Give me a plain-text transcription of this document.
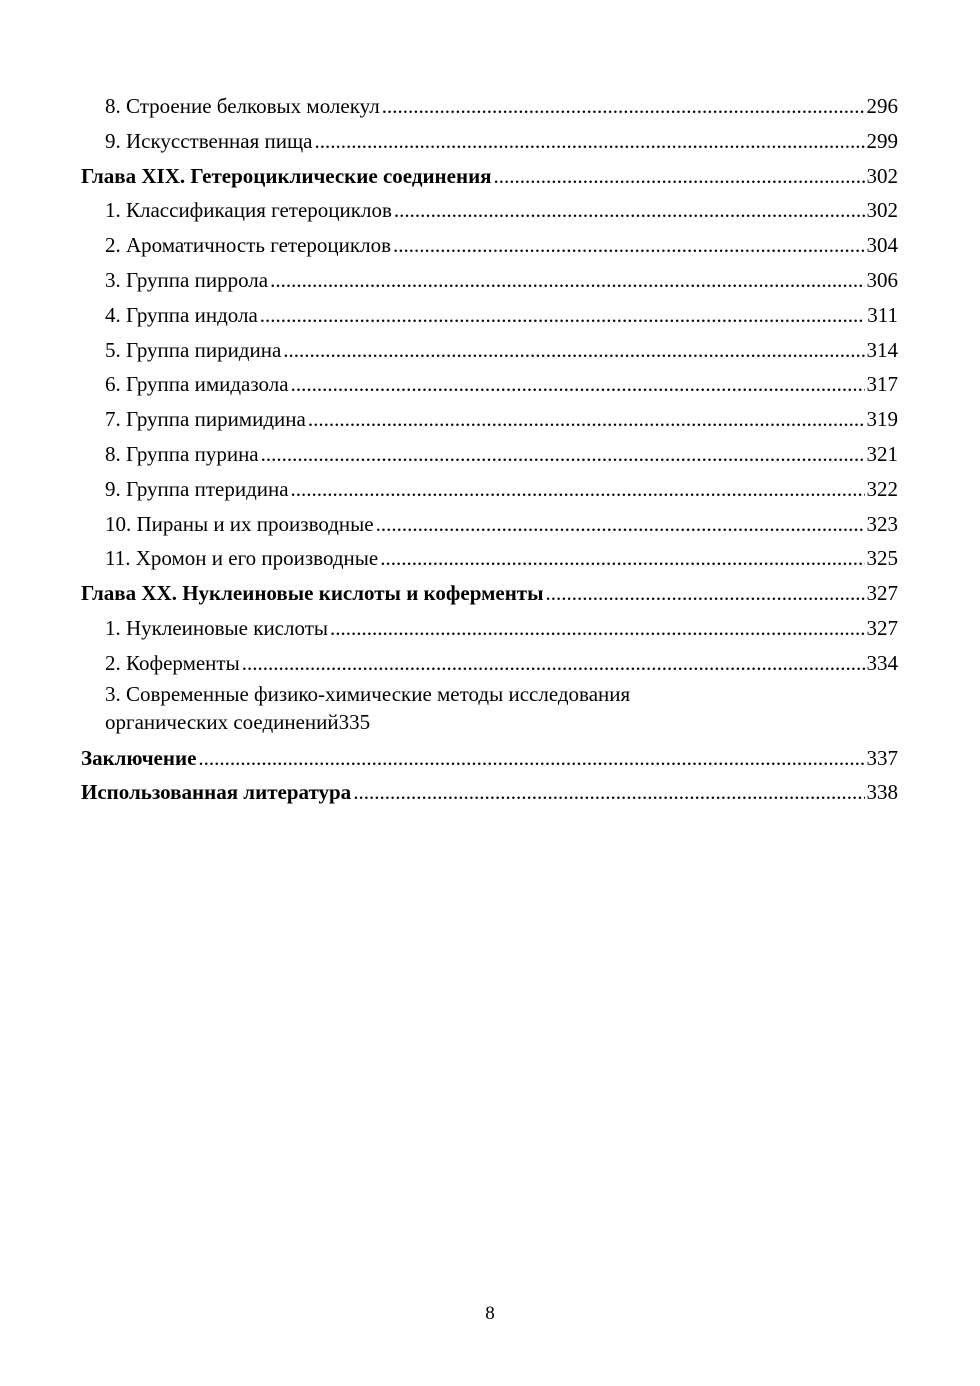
8. Строение белковых молекул .....	296
9. Искусственная пища .....	299
Глава XIX. Гетероциклические соединения .....	302
1. Классификация гетероциклов .....	302
2. Ароматичность гетероциклов .....	304
3. Группа пиррола .....	306
4. Группа индола .....	311
5. Группа пиридина .....	314
6. Группа имидазола .....	317
7. Группа пиримидина .....	319
8. Группа пурина .....	321
9. Группа птеридина .....	322
10. Пираны и их производные .....	323
11. Хромон и его производные .....	325
Глава XX. Нуклеиновые кислоты и коферменты .....	327
1. Нуклеиновые кислоты .....	327
2. Коферменты .....	334
3. Современные физико-химические методы исследования
органических соединений 335
Заключение .....	337
Использованная литература .....	338
8
